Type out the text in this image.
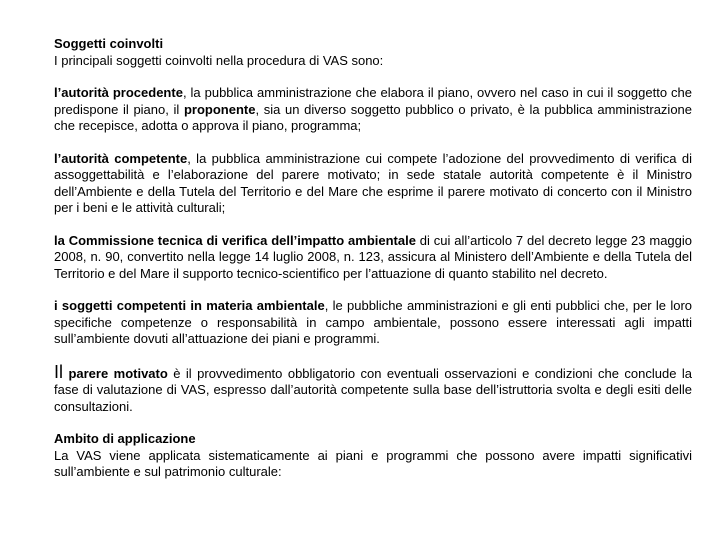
Soggetti coinvolti

I principali soggetti coinvolti nella procedura di VAS sono:

l’autorità procedente, la pubblica amministrazione che elabora il piano, ovvero nel caso in cui il soggetto che predispone il piano, il proponente, sia un diverso soggetto pubblico o privato, è la pubblica amministrazione che recepisce, adotta o approva il piano, programma;

l’autorità competente, la pubblica amministrazione cui compete l’adozione del provvedimento di verifica di assoggettabilità e l’elaborazione del parere motivato; in sede statale autorità competente è il Ministro dell’Ambiente e della Tutela del Territorio e del Mare che esprime il parere motivato di concerto con il Ministro per i beni e le attività culturali;

la Commissione tecnica di verifica dell’impatto ambientale di cui all’articolo 7 del decreto legge 23 maggio 2008, n. 90, convertito nella legge 14 luglio 2008, n. 123, assicura al Ministero dell’Ambiente e della Tutela del Territorio e del Mare il supporto tecnico-scientifico per l’attuazione di quanto stabilito nel decreto.

i soggetti competenti in materia ambientale, le pubbliche amministrazioni e gli enti pubblici che, per le loro specifiche competenze o responsabilità in campo ambientale, possono essere interessati agli impatti sull’ambiente dovuti all’attuazione dei piani e programmi.

Il parere motivato è il provvedimento obbligatorio con eventuali osservazioni e condizioni che conclude la fase di valutazione di VAS, espresso dall’autorità competente sulla base dell’istruttoria svolta e degli esiti delle consultazioni.

Ambito di applicazione

La VAS viene applicata sistematicamente ai piani e programmi che possono avere impatti significativi sull’ambiente e sul patrimonio culturale:
